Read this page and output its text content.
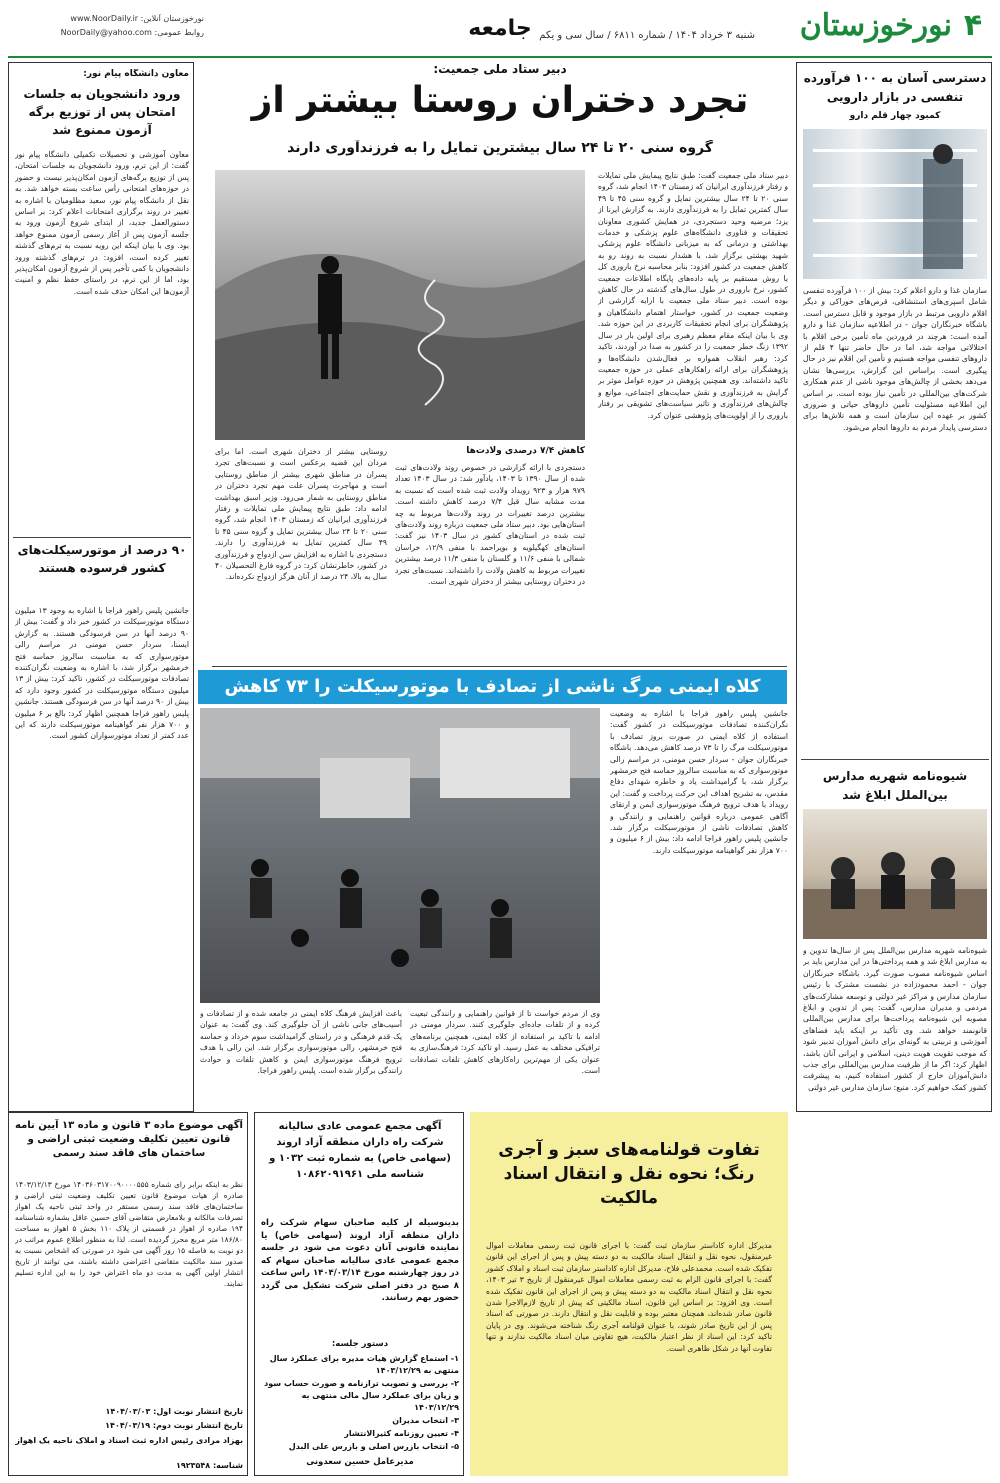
۴
نورخوزستان
شنبه ۳ خرداد ۱۴۰۴ / شماره ۶۸۱۱ / سال سی و یکم
جامعه
نورخوزستان آنلاین: www.NoorDaily.ir
روابط عمومی: NoorDaily@yahoo.com
دسترسی آسان به ۱۰۰ فرآورده تنفسی در بازار دارویی
کمبود چهار قلم دارو
سازمان غذا و دارو اعلام کرد: بیش از ۱۰۰ فرآورده تنفسی شامل اسپری‌های استنشاقی، قرص‌های خوراکی و دیگر اقلام دارویی مرتبط در بازار موجود و قابل دسترس است. باشگاه خبرنگاران جوان - در اطلاعیه سازمان غذا و دارو آمده است: هرچند در فروردین ماه تأمین برخی اقلام با اختلالاتی مواجه شد، اما در حال حاضر تنها ۴ قلم از داروهای تنفسی مواجه هستیم و تأمین این اقلام نیز در حال پیگیری است. براساس این گزارش، بررسی‌ها نشان می‌دهد بخشی از چالش‌های موجود ناشی از عدم همکاری شرکت‌های بین‌المللی در تأمین نیاز بوده است. بر اساس این اطلاعیه مسئولیت تأمین داروهای حیاتی و ضروری کشور بر عهده این سازمان است و همه تلاش‌ها برای دسترسی پایدار مردم به داروها انجام می‌شود.
شیوه‌نامه شهریه مدارس بین‌الملل ابلاغ شد
شیوه‌نامه شهریه مدارس بین‌الملل پس از سال‌ها تدوین و به مدارس ابلاغ شد و همه پرداختی‌ها در این مدارس باید بر اساس شیوه‌نامه مصوب صورت گیرد. باشگاه خبرنگاران جوان - احمد محمودزاده در نشست مشترک با رئیس سازمان مدارس و مراکز غیر دولتی و توسعه مشارکت‌های مردمی و مدیران مدارس، گفت: پس از تدوین و ابلاغ مصوبه این شیوه‌نامه پرداخت‌ها برای مدارس بین‌المللی قانونمند خواهد شد. وی تأکید بر اینکه باید فضاهای آموزشی و تربیتی به گونه‌ای برای دانش آموزان تدبیر شود که موجب تقویت هویت دینی، اسلامی و ایرانی آنان باشد، اظهار کرد: اگر ما از ظرفیت مدارس بین‌المللی برای جذب دانش‌آموزان خارج از کشور استفاده کنیم، به پیشرفت کشور کمک خواهیم کرد. منبع: سازمان مدارس غیر دولتی
دبیر ستاد ملی جمعیت:
تجرد دختران روستا بیشتر از
گروه سنی ۲۰ تا ۲۴ سال بیشترین تمایل را به فرزندآوری دارند
دبیر ستاد ملی جمعیت گفت: طبق نتایج پیمایش ملی تمایلات و رفتار فرزندآوری ایرانیان که زمستان ۱۴۰۳ انجام شد، گروه سنی ۲۰ تا ۲۴ سال بیشترین تمایل و گروه سنی ۴۵ تا ۴۹ سال کمترین تمایل را به فرزندآوری دارند. به گزارش ایرنا از یزد؛ مرضیه وحید دستجردی، در همایش کشوری معاونان تحقیقات و فناوری دانشگاه‌های علوم پزشکی و خدمات بهداشتی و درمانی که به میزبانی دانشگاه علوم پزشکی شهید بهشتی برگزار شد، با هشدار نسبت به روند رو به کاهش جمعیت در کشور افزود: بنابر محاسبه نرخ باروری کل با روش مستقیم بر پایه داده‌های پایگاه اطلاعات جمعیت کشور، نرخ باروری در طول سال‌های گذشته در حال کاهش بوده است. دبیر ستاد ملی جمعیت با ارایه گزارشی از وضعیت جمعیت در کشور، خواستار اهتمام دانشگاهیان و پژوهشگران برای انجام تحقیقات کاربردی در این حوزه شد. وی با بیان اینکه مقام معظم رهبری برای اولین بار در سال ۱۳۹۲ زنگ خطر جمعیت را در کشور به صدا در آوردند، تاکید کرد: رهبر انقلاب همواره بر فعال‌شدن دانشگاه‌ها و پژوهشگران برای ارائه راهکارهای عملی در حوزه جمعیت تاکید داشته‌اند. وی همچنین پژوهش در حوزه عوامل موثر بر گرایش به فرزندآوری و نقش حمایت‌های اجتماعی، موانع و چالش‌های فرزندآوری و تاثیر سیاست‌های تشویقی بر رفتار باروری را از اولویت‌های پژوهشی عنوان کرد.
کاهش ۷/۴ درصدی ولادت‌ها
دستجردی با ارائه گزارشی در خصوص روند ولادت‌های ثبت شده از سال ۱۳۹۰ تا ۱۴۰۳، یادآور شد: در سال ۱۴۰۳ تعداد ۹۷۹ هزار و ۹۲۳ رویداد ولادت ثبت شده است که نسبت به مدت مشابه سال قبل ۷/۴ درصد کاهش داشته است. بیشترین درصد تغییرات در روند ولادت‌ها مربوط به چه استان‌هایی بود. دبیر ستاد ملی جمعیت درباره روند ولادت‌های ثبت شده در استان‌های کشور در سال ۱۴۰۳ نیز گفت: استان‌های کهگیلویه و بویراحمد با منفی ۱۲/۹، خراسان شمالی با منفی ۱۱/۶ و گلستان با منفی ۱۱/۳ درصد بیشترین تغییرات مربوط به کاهش ولادت را داشته‌اند. نسبت‌های تجرد در دختران روستایی بیشتر از دختران شهری است.
روستایی بیشتر از دختران شهری است. اما برای مردان این قضیه برعکس است و نسبت‌های تجرد پسران در مناطق شهری بیشتر از مناطق روستایی است و مهاجرت پسران علت مهم تجرد دختران در مناطق روستایی به شمار می‌رود. وزیر اسبق بهداشت ادامه داد: طبق نتایج پیمایش ملی تمایلات و رفتار فرزندآوری ایرانیان که زمستان ۱۴۰۳ انجام شد، گروه سنی ۲۰ تا ۲۴ سال بیشترین تمایل و گروه سنی ۴۵ تا ۴۹ سال کمترین تمایل به فرزندآوری را دارند. دستجردی با اشاره به افزایش سن ازدواج و فرزندآوری در کشور، خاطرنشان کرد: در گروه فارغ التحصیلان ۴۰ سال به بالا، ۲۴ درصد از آنان هرگز ازدواج نکرده‌اند.
کلاه ایمنی مرگ ناشی از تصادف با موتورسیکلت را ۷۳ کاهش
جانشین پلیس راهور فراجا با اشاره به وضعیت نگران‌کننده تصادفات موتورسیکلت در کشور گفت: استفاده از کلاه ایمنی در صورت بروز تصادف با موتورسیکلت مرگ را تا ۷۳ درصد کاهش می‌دهد. باشگاه خبرنگاران جوان - سردار حسن مومنی، در مراسم رالی موتورسواری که به مناسبت سالروز حماسه فتح خرمشهر برگزار شد، با گرامیداشت یاد و خاطره شهدای دفاع مقدس، به تشریح اهداف این حرکت پرداخت و گفت: این رویداد با هدف ترویج فرهنگ موتورسواری ایمن و ارتقای آگاهی عمومی درباره قوانین راهنمایی و رانندگی و کاهش تصادفات ناشی از موتورسیکلت برگزار شد. جانشین پلیس راهور فراجا ادامه داد: بیش از ۶ میلیون و ۷۰۰ هزار نفر گواهینامه موتورسیکلت دارند.
وی از مردم خواست تا از قوانین راهنمایی و رانندگی تبعیت کرده و از تلفات جاده‌ای جلوگیری کنند. سردار مومنی در ادامه با تاکید بر استفاده از کلاه ایمنی، همچنین برنامه‌های ترافیکی مختلف به عمل رسید. او تاکید کرد: فرهنگ‌سازی به عنوان یکی از مهم‌ترین راه‌کارهای کاهش تلفات تصادفات است.
باعث افزایش فرهنگ کلاه ایمنی در جامعه شده و از تصادفات و آسیب‌های جانی ناشی از آن جلوگیری کند. وی گفت: به عنوان یک قدم فرهنگی و در راستای گرامیداشت سوم خرداد و حماسه فتح خرمشهر، رالی موتورسواری برگزار شد. این رالی با هدف ترویج فرهنگ موتورسواری ایمن و کاهش تلفات و حوادث رانندگی برگزار شده است. پلیس راهور فراجا.
معاون دانشگاه پیام نور:
ورود دانشجویان به جلسات امتحان پس از توزیع برگه آزمون ممنوع شد
معاون آموزشی و تحصیلات تکمیلی دانشگاه پیام نور گفت: از این ترم، ورود دانشجویان به جلسات امتحان، پس از توزیع برگه‌های آزمون امکان‌پذیر نیست و حضور در حوزه‌های امتحانی رأس ساعت بسته خواهد شد. به نقل از دانشگاه پیام نور، سعید مظلومیان با اشاره به تغییر در روند برگزاری امتحانات اعلام کرد: بر اساس دستورالعمل جدید، از ابتدای شروع آزمون ورود به جلسه آزمون پس از آغاز رسمی آزمون ممنوع خواهد بود. وی با بیان اینکه این رویه نسبت به ترم‌های گذشته تغییر کرده است، افزود: در ترم‌های گذشته ورود دانشجویان با کمی تأخیر پس از شروع آزمون امکان‌پذیر بود، اما از این ترم، در راستای حفظ نظم و امنیت آزمون‌ها این امکان حذف شده است.
۹۰ درصد از موتورسیکلت‌های کشور فرسوده هستند
جانشین پلیس راهور فراجا با اشاره به وجود ۱۳ میلیون دستگاه موتورسیکلت در کشور خبر داد و گفت: بیش از ۹۰ درصد آنها در سن فرسودگی هستند. به گزارش ایسنا، سردار حسن مومنی در مراسم رالی موتورسواری که به مناسبت سالروز حماسه فتح خرمشهر برگزار شد، با اشاره به وضعیت نگران‌کننده تصادفات موتورسیکلت در کشور، تاکید کرد: بیش از ۱۳ میلیون دستگاه موتورسیکلت در کشور وجود دارد که بیش از ۹۰ درصد آنها در سن فرسودگی هستند. جانشین پلیس راهور فراجا همچنین اظهار کرد: بالغ بر ۶ میلیون و ۷۰۰ هزار نفر گواهینامه موتورسیکلت دارند که این عدد کمتر از تعداد موتورسواران کشور است.
تفاوت قولنامه‌های سبز و آجری رنگ؛ نحوه نقل و انتقال اسناد مالکیت
مدیرکل اداره کاداستر سازمان ثبت گفت: با اجرای قانون ثبت رسمی معاملات اموال غیرمنقول، نحوه نقل و انتقال اسناد مالکیت به دو دسته پیش و پس از اجرای این قانون تفکیک شده است. محمدعلی فلاح، مدیرکل اداره کاداستر سازمان ثبت اسناد و املاک کشور گفت: با اجرای قانون الزام به ثبت رسمی معاملات اموال غیرمنقول از تاریخ ۳ تیر ۱۴۰۳، نحوه نقل و انتقال اسناد مالکیت به دو دسته پیش و پس از اجرای این قانون تفکیک شده است. وی افزود: بر اساس این قانون، اسناد مالکیتی که پیش از تاریخ لازم‌الاجرا شدن قانون صادر شده‌اند، همچنان معتبر بوده و قابلیت نقل و انتقال دارند. در صورتی که اسناد پس از این تاریخ صادر شوند، با عنوان قولنامه آجری رنگ شناخته می‌شوند. وی در پایان تاکید کرد: این اسناد از نظر اعتبار مالکیت، هیچ تفاوتی میان اسناد مالکیت ندارند و تنها تفاوت آنها در شکل ظاهری است.
آگهی مجمع عمومی عادی سالیانه شرکت راه داران منطقه آزاد اروند (سهامی خاص) به شماره ثبت ۱۰۳۲ و شناسه ملی ۱۰۸۶۲۰۹۱۹۶۱
بدینوسیله از کلیه صاحبان سهام شرکت راه داران منطقه آزاد اروند (سهامی خاص) یا نماینده قانونی آنان دعوت می شود در جلسه مجمع عمومی عادی سالیانه صاحبان سهام که در روز چهارشنبه مورخ ۱۴۰۴/۰۳/۱۴ راس ساعت ۸ صبح در دفتر اصلی شرکت تشکیل می گردد حضور بهم رسانند.
دستور جلسه:
۱- استماع گزارش هیات مدیره برای عملکرد سال منتهی به ۱۴۰۳/۱۲/۲۹
۲- بررسی و تصویب ترازنامه و صورت حساب سود و زیان برای عملکرد سال مالی منتهی به ۱۴۰۳/۱۲/۲۹
۳- انتخاب مدیران
۴- تعیین روزنامه کثیرالانتشار
۵- انتخاب بازرس اصلی و بازرس علی البدل
مدیرعامل حسین سعدونی
آگهی موضوع ماده ۳ قانون و ماده ۱۳ آیین نامه قانون تعیین تکلیف وضعیت ثبتی اراضی و ساختمان های فاقد سند رسمی
نظر به اینکه برابر رای شماره ۱۴۰۳۶۰۳۱۷۰۰۹۰۰۰۰۵۵۵ مورخ ۱۴۰۳/۱۲/۱۳ صادره از هیات موضوع قانون تعیین تکلیف وضعیت ثبتی اراضی و ساختمان‌های فاقد سند رسمی مستقر در واحد ثبتی ناحیه یک اهواز تصرفات مالکانه و بلامعارض متقاضی آقای حسین عاقل بشماره شناسنامه ۱۹۴ صادره از اهواز در قسمتی از پلاک ۱۱۰ بخش ۵ اهواز به مساحت ۱۸۶/۸۰ متر مربع محرز گردیده است. لذا به منظور اطلاع عموم مراتب در دو نوبت به فاصله ۱۵ روز آگهی می شود در صورتی که اشخاص نسبت به صدور سند مالکیت متقاضی اعتراضی داشته باشند، می توانند از تاریخ انتشار اولین آگهی به مدت دو ماه اعتراض خود را به این اداره تسلیم نمایند.
تاریخ انتشار نوبت اول: ۱۴۰۴/۰۳/۰۳
تاریخ انتشار نوبت دوم: ۱۴۰۴/۰۳/۱۹
بهزاد مرادی رئیس اداره ثبت اسناد و املاک ناحیه یک اهواز
شناسه: ۱۹۲۳۵۴۸
